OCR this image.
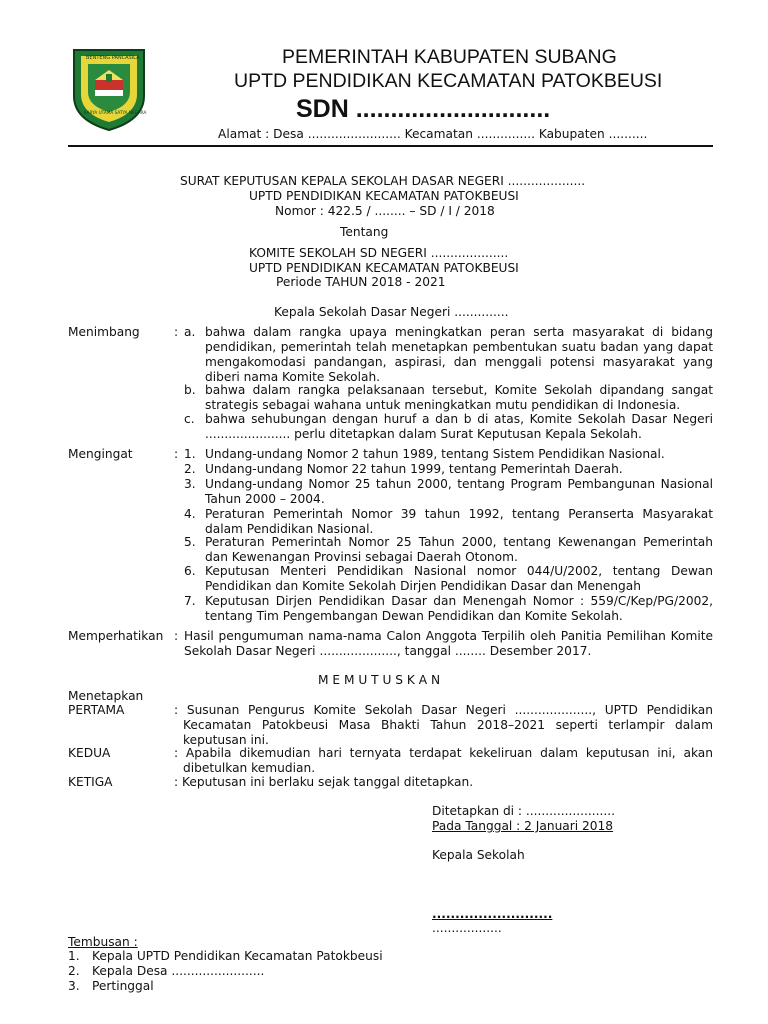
BENTENG PANCASILA
KARYA UTAMA SATYA NEGARA
PEMERINTAH KABUPATEN SUBANG
UPTD PENDIDIKAN KECAMATAN PATOKBEUSI
SDN ............................
Alamat : Desa ........................ Kecamatan ............... Kabupaten ..........
SURAT KEPUTUSAN KEPALA SEKOLAH DASAR NEGERI ....................
UPTD PENDIDIKAN KECAMATAN PATOKBEUSI
Nomor : 422.5 / ........ – SD / I / 2018
Tentang
KOMITE SEKOLAH SD NEGERI ....................
UPTD PENDIDIKAN KECAMATAN PATOKBEUSI
Periode TAHUN 2018 - 2021
Kepala Sekolah Dasar Negeri ..............
Menimbang	: a. bahwa dalam rangka upaya meningkatkan peran serta masyarakat di bidang pendidikan, pemerintah telah menetapkan pembentukan suatu badan yang dapat mengakomodasi pandangan, aspirasi, dan menggali potensi masyarakat yang diberi nama Komite Sekolah.
b. bahwa dalam rangka pelaksanaan tersebut, Komite Sekolah dipandang sangat strategis sebagai wahana untuk meningkatkan mutu pendidikan di Indonesia.
c. bahwa sehubungan dengan huruf a dan b di atas, Komite Sekolah Dasar Negeri ...................... perlu ditetapkan dalam Surat Keputusan Kepala Sekolah.
Mengingat	: 1. Undang-undang Nomor 2 tahun 1989, tentang Sistem Pendidikan Nasional.
2. Undang-undang Nomor 22 tahun 1999, tentang Pemerintah Daerah.
3. Undang-undang Nomor 25 tahun 2000, tentang Program Pembangunan Nasional Tahun 2000 – 2004.
4. Peraturan Pemerintah Nomor 39 tahun 1992, tentang Peranserta Masyarakat dalam Pendidikan Nasional.
5. Peraturan Pemerintah Nomor 25 Tahun 2000, tentang Kewenangan Pemerintah dan Kewenangan Provinsi sebagai Daerah Otonom.
6. Keputusan Menteri Pendidikan Nasional nomor 044/U/2002, tentang Dewan Pendidikan dan Komite Sekolah Dirjen Pendidikan Dasar dan Menengah
7. Keputusan Dirjen Pendidikan Dasar dan Menengah Nomor : 559/C/Kep/PG/2002, tentang Tim Pengembangan Dewan Pendidikan dan Komite Sekolah.
Memperhatikan : Hasil pengumuman nama-nama Calon Anggota Terpilih oleh Panitia Pemilihan Komite Sekolah Dasar Negeri ...................., tanggal ........ Desember 2017.
M E M U T U S K A N
Menetapkan
PERTAMA	: Susunan Pengurus Komite Sekolah Dasar Negeri ...................., UPTD Pendidikan Kecamatan Patokbeusi Masa Bhakti Tahun 2018–2021 seperti terlampir dalam keputusan ini.
KEDUA	: Apabila dikemudian hari ternyata terdapat kekeliruan dalam keputusan ini, akan dibetulkan kemudian.
KETIGA	: Keputusan ini berlaku sejak tanggal ditetapkan.
Ditetapkan di : .......................
Pada Tanggal : 2 Januari 2018
Kepala Sekolah
..........................
..................
Tembusan :
1. Kepala UPTD Pendidikan Kecamatan Patokbeusi
2. Kepala Desa ........................
3. Pertinggal
